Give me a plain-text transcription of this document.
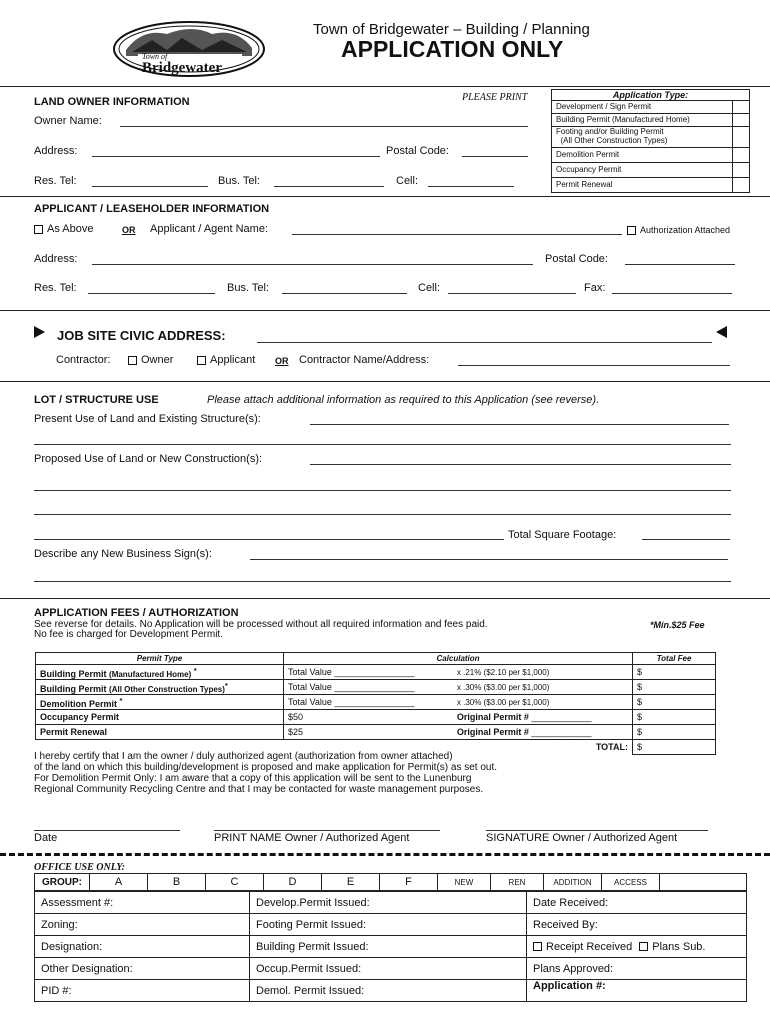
Town of
Bridgewater
Town of Bridgewater – Building / Planning
APPLICATION ONLY
PLEASE PRINT	Application Type:
Development / Sign Permit
Building Permit (Manufactured Home)
Footing and/or Building Permit
(All Other Construction Types)
Demolition Permit
Occupancy Permit
Permit Renewal
LAND OWNER INFORMATION
Owner Name:
Address:	Postal Code:
Res. Tel:	Bus. Tel:	Cell:
APPLICANT / LEASEHOLDER INFORMATION
As Above	OR Applicant / Agent Name:	Authorization Attached
Address:	Postal Code:
Res. Tel:	Bus. Tel:	Cell:	Fax:
JOB SITE CIVIC ADDRESS:
Contractor:	Owner	Applicant OR Contractor Name/Address:
LOT / STRUCTURE USE	Please attach additional information as required to this Application (see reverse).
Present Use of Land and Existing Structure(s):
Proposed Use of Land or New Construction(s):
Total Square Footage:
Describe any New Business Sign(s):
APPLICATION FEES / AUTHORIZATION
See reverse for details. No Application will be processed without all required information and fees paid.
No fee is charged for Development Permit.
*Min.$25 Fee
Permit Type	Calculation		Total Fee
Building Permit (Manufactured Home) *	Total Value ________________	x .21% ($2.10 per $1,000)	$
Building Permit (All Other Construction Types)*	Total Value ________________	x .30% ($3.00 per $1,000)	$
Demolition Permit *	Total Value ________________	x .30% ($3.00 per $1,000)	$
Occupancy Permit	$50	Original Permit # ____________	$
Permit Renewal	$25	Original Permit # ____________	$
TOTAL:			$
I hereby certify that I am the owner / duly authorized agent (authorization from owner attached)
of the land on which this building/development is proposed and make application for Permit(s) as set out.
For Demolition Permit Only: I am aware that a copy of this application will be sent to the Lunenburg
Regional Community Recycling Centre and that I may be contacted for waste management purposes.
Date	PRINT NAME Owner / Authorized Agent	SIGNATURE Owner / Authorized Agent
OFFICE USE ONLY:
GROUP:	A	B	C	D	E	F	NEW	REN	ADDITION	ACCESS	
Assessment #:	Develop.Permit Issued:	Date Received:
Zoning:	Footing Permit Issued:	Received By:
Designation:	Building Permit Issued:	Receipt Received Plans Sub.
Other Designation:	Occup.Permit Issued:	Plans Approved:
PID #:	Demol. Permit Issued:	Application #:
